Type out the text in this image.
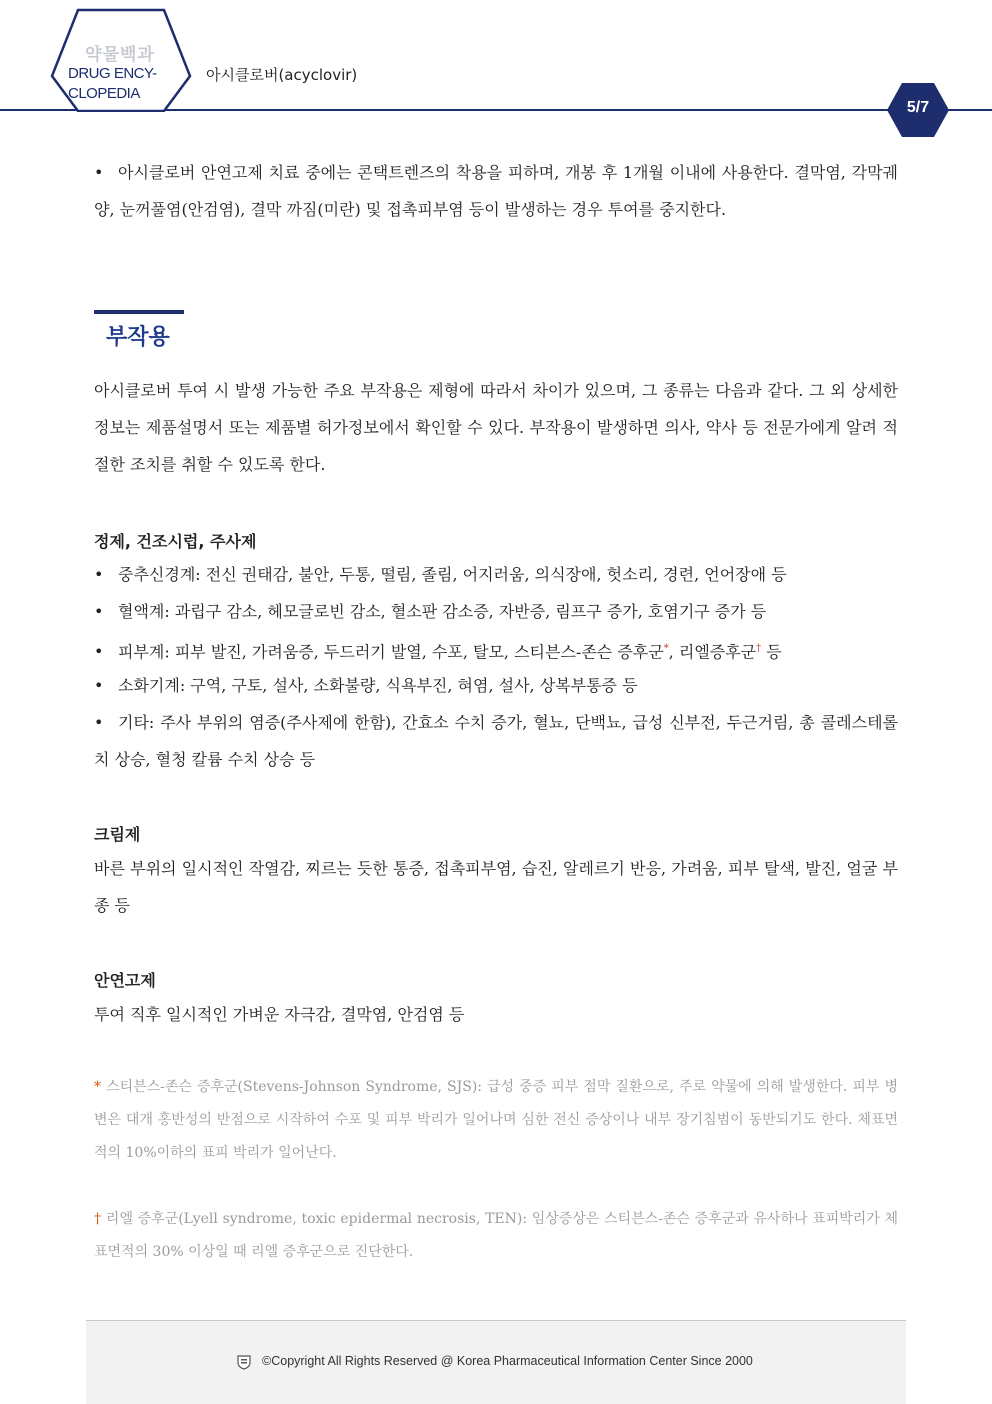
약물백과
DRUG ENCY-
CLOPEDIA
아시클로버(acyclovir)
5/7
• 아시클로버 안연고제 치료 중에는 콘택트렌즈의 착용을 피하며, 개봉 후 1개월 이내에 사용한다. 결막염, 각막궤양, 눈꺼풀염(안검염), 결막 까짐(미란) 및 접촉피부염 등이 발생하는 경우 투여를 중지한다.
부작용
아시클로버 투여 시 발생 가능한 주요 부작용은 제형에 따라서 차이가 있으며, 그 종류는 다음과 같다. 그 외 상세한 정보는 제품설명서 또는 제품별 허가정보에서 확인할 수 있다. 부작용이 발생하면 의사, 약사 등 전문가에게 알려 적절한 조치를 취할 수 있도록 한다.
정제, 건조시럽, 주사제
• 중추신경계: 전신 권태감, 불안, 두통, 떨림, 졸림, 어지러움, 의식장애, 헛소리, 경련, 언어장애 등
• 혈액계: 과립구 감소, 헤모글로빈 감소, 혈소판 감소증, 자반증, 림프구 증가, 호염기구 증가 등
• 피부계: 피부 발진, 가려움증, 두드러기 발열, 수포, 탈모, 스티븐스-존슨 증후군*, 리엘증후군† 등
• 소화기계: 구역, 구토, 설사, 소화불량, 식욕부진, 혀염, 설사, 상복부통증 등
• 기타: 주사 부위의 염증(주사제에 한함), 간효소 수치 증가, 혈뇨, 단백뇨, 급성 신부전, 두근거림, 총 콜레스테롤치 상승, 혈청 칼륨 수치 상승 등
크림제
바른 부위의 일시적인 작열감, 찌르는 듯한 통증, 접촉피부염, 습진, 알레르기 반응, 가려움, 피부 탈색, 발진, 얼굴 부종 등
안연고제
투여 직후 일시적인 가벼운 자극감, 결막염, 안검염 등
* 스티븐스-존슨 증후군(Stevens-Johnson Syndrome, SJS): 급성 중증 피부 점막 질환으로, 주로 약물에 의해 발생한다. 피부 병변은 대개 홍반성의 반점으로 시작하여 수포 및 피부 박리가 일어나며 심한 전신 증상이나 내부 장기침범이 동반되기도 한다. 체표면적의 10%이하의 표피 박리가 일어난다.
† 리엘 증후군(Lyell syndrome, toxic epidermal necrosis, TEN): 임상증상은 스티븐스-존슨 증후군과 유사하나 표피박리가 체표면적의 30% 이상일 때 리엘 증후군으로 진단한다.
©Copyright All Rights Reserved @ Korea Pharmaceutical Information Center Since 2000
